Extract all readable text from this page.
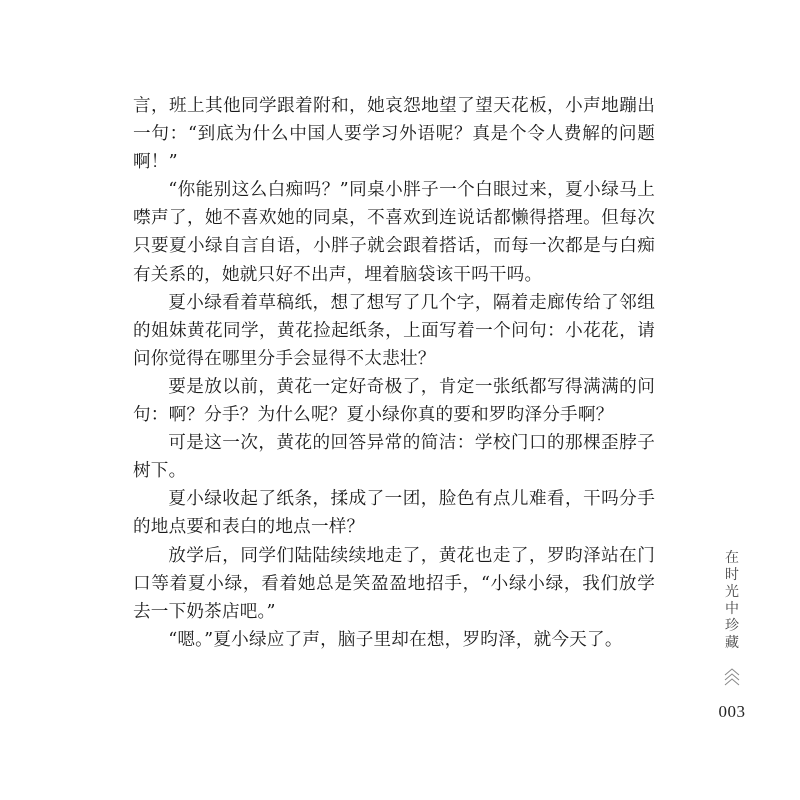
言，班上其他同学跟着附和，她哀怨地望了望天花板，小声地蹦出一句：“到底为什么中国人要学习外语呢？真是个令人费解的问题啊！”

“你能别这么白痴吗？”同桌小胖子一个白眼过来，夏小绿马上噤声了，她不喜欢她的同桌，不喜欢到连说话都懒得搭理。但每次只要夏小绿自言自语，小胖子就会跟着搭话，而每一次都是与白痴有关系的，她就只好不出声，埋着脑袋该干吗干吗。

夏小绿看着草稿纸，想了想写了几个字，隔着走廊传给了邻组的姐妹黄花同学，黄花捡起纸条，上面写着一个问句：小花花，请问你觉得在哪里分手会显得不太悲壮？

要是放以前，黄花一定好奇极了，肯定一张纸都写得满满的问句：啊？分手？为什么呢？夏小绿你真的要和罗昀泽分手啊？

可是这一次，黄花的回答异常的简洁：学校门口的那棵歪脖子树下。

夏小绿收起了纸条，揉成了一团，脸色有点儿难看，干吗分手的地点要和表白的地点一样？

放学后，同学们陆陆续续地走了，黄花也走了，罗昀泽站在门口等着夏小绿，看着她总是笑盈盈地招手，“小绿小绿，我们放学去一下奶茶店吧。”

“嗯。”夏小绿应了声，脑子里却在想，罗昀泽，就今天了。

在
时
光
中
珍
藏
003
